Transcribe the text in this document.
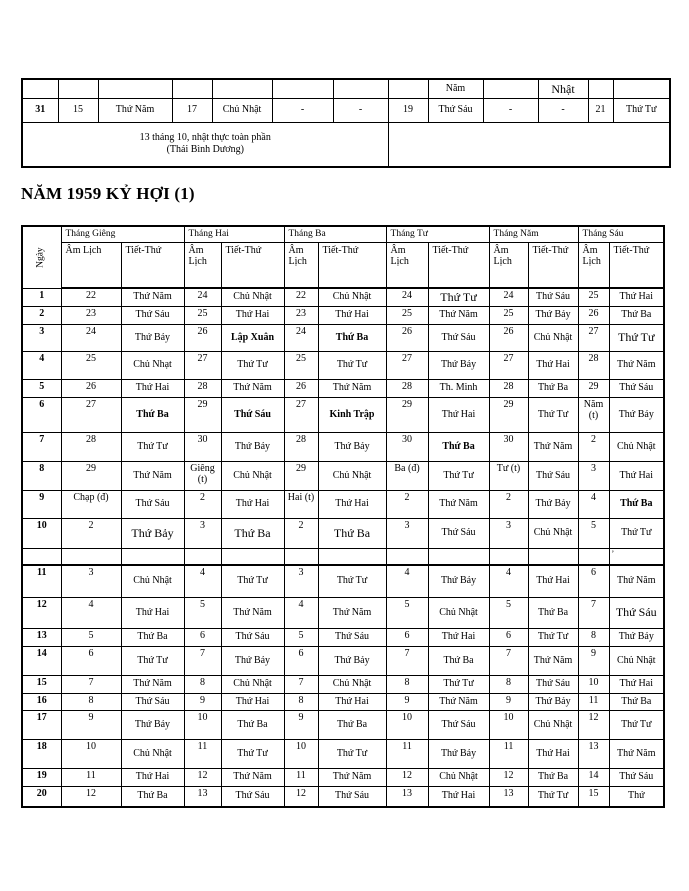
								Năm		Nhật		
31	15	Thứ Năm	17	Chủ Nhật	-	-	19	Thứ Sáu	-	-	21	Thứ Tư

13 tháng 10, nhật thực toàn phần
(Thái Bình Dương)												

NĂM 1959 KỶ HỢI (1)
Ngày	Tháng Giêng		Tháng Hai		Tháng Ba		Tháng Tư		Tháng Năm		Tháng Sáu	
	Âm Lịch	Tiết-Thứ	Âm Lịch	Tiết-Thứ	Âm Lịch	Tiết-Thứ	Âm Lịch	Tiết-Thứ	Âm Lịch	Tiết-Thứ	Âm Lịch	Tiết-Thứ
1	22	Thứ Năm	24	Chủ Nhật	22	Chủ Nhật	24	Thứ Tư	24	Thứ Sáu	25	Thứ Hai
2	23	Thứ Sáu	25	Thứ Hai	23	Thứ Hai	25	Thứ Năm	25	Thứ Bảy	26	Thứ Ba
3	24	Thứ Bảy	26	Lập Xuân	24	Thứ Ba	26	Thứ Sáu	26	Chủ Nhật	27	Thứ Tư
4	25	Chủ Nhạt	27	Thứ Tư	25	Thứ Tư	27	Thứ Bảy	27	Thứ Hai	28	Thứ Năm
5	26	Thứ Hai	28	Thứ Năm	26	Thứ Năm	28	Th. Minh	28	Thứ Ba	29	Thứ Sáu
6	27	Thứ Ba	29	Thứ Sáu	27	Kinh Trập	29	Thứ Hai	29	Thứ Tư	Năm (t)	Thứ Bảy
7	28	Thứ Tư	30	Thứ Bảy	28	Thứ Bảy	30	Thứ Ba	30	Thứ Năm	2	Chủ Nhật
8	29	Thứ Năm	Giêng (t)	Chủ Nhật	29	Chủ Nhật	Ba (đ)	Thứ Tư	Tư (t)	Thứ Sáu	3	Thứ Hai
9	Chạp (đ)	Thứ Sáu	2	Thứ Hai	Hai (t)	Thứ Hai	2	Thứ Năm	2	Thứ Bảy	4	Thứ Ba
10	2	Thứ Bảy	3	Thứ Ba	2	Thứ Ba	3	Thứ Sáu	3	Chủ Nhật	5	Thứ Tư
												’
11	3	Chủ Nhật	4	Thứ Tư	3	Thứ Tư	4	Thứ Bảy	4	Thứ Hai	6	Thứ Năm
12	4	Thứ Hai	5	Thứ Năm	4	Thứ Năm	5	Chủ Nhật	5	Thứ Ba	7	Thứ Sáu
13	5	Thứ Ba	6	Thứ Sáu	5	Thứ Sáu	6	Thứ Hai	6	Thứ Tư	8	Thứ Bảy
14	6	Thứ Tư	7	Thứ Bảy	6	Thứ Bảy	7	Thứ Ba	7	Thứ Năm	9	Chủ Nhật
15	7	Thứ Năm	8	Chủ Nhật	7	Chủ Nhật	8	Thứ Tư	8	Thứ Sáu	10	Thứ Hai
16	8	Thứ Sáu	9	Thứ Hai	8	Thứ Hai	9	Thứ Năm	9	Thứ Bảy	11	Thứ Ba
17	9	Thứ Bảy	10	Thứ Ba	9	Thứ Ba	10	Thứ Sáu	10	Chủ Nhật	12	Thứ Tư
18	10	Chủ Nhật	11	Thứ Tư	10	Thứ Tư	11	Thứ Bảy	11	Thứ Hai	13	Thứ Năm
19	11	Thứ Hai	12	Thứ Năm	11	Thứ Năm	12	Chủ Nhật	12	Thứ Ba	14	Thứ Sáu
20	12	Thứ Ba	13	Thứ Sáu	12	Thứ Sáu	13	Thứ Hai	13	Thứ Tư	15	Thứ
